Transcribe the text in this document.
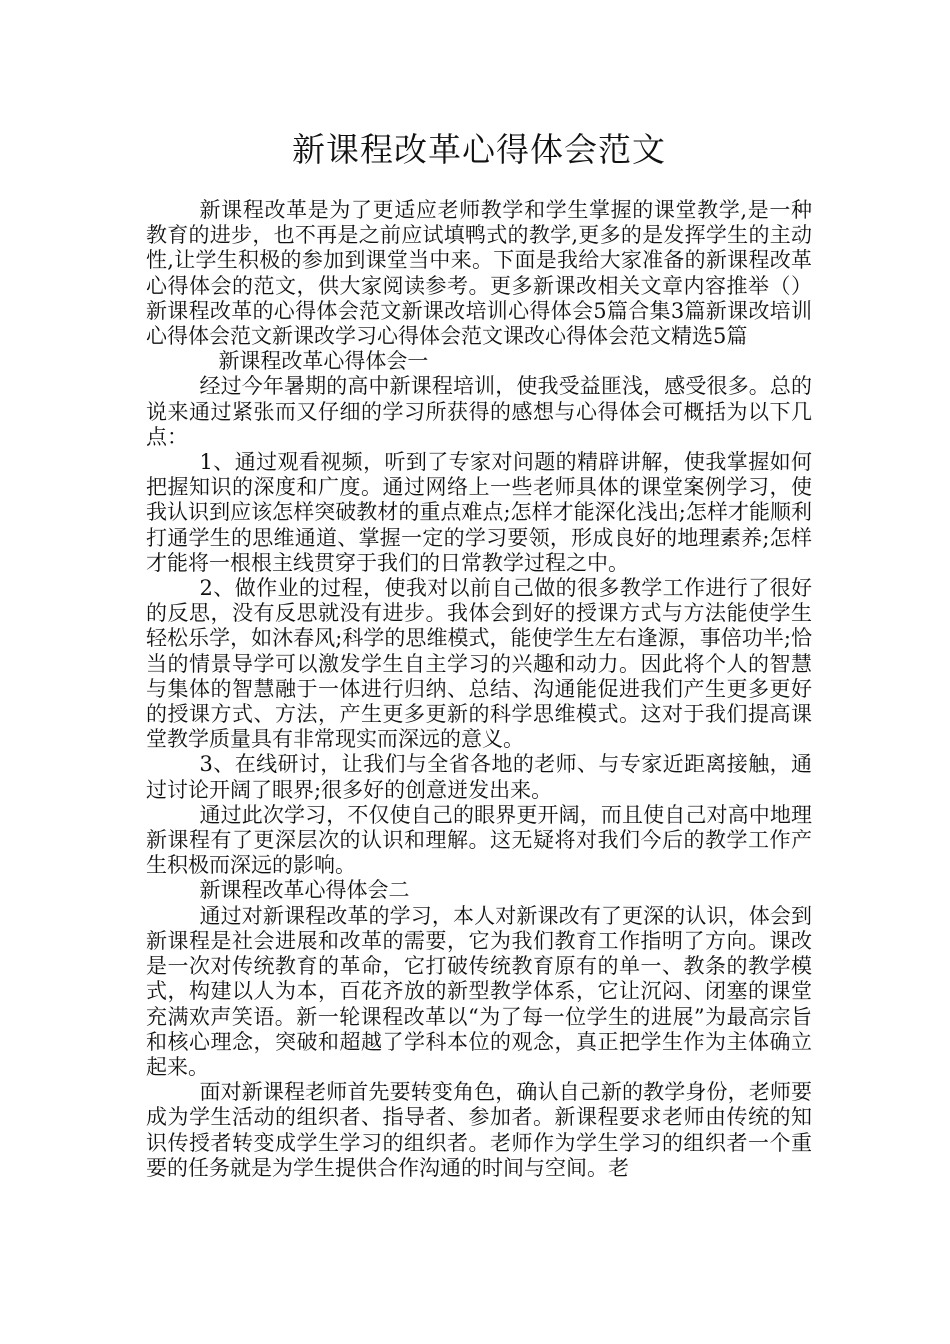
新课程改革心得体会范文

新课程改革是为了更适应老师教学和学生掌握的课堂教学,是一种教育的进步，也不再是之前应试填鸭式的教学,更多的是发挥学生的主动性,让学生积极的参加到课堂当中来。下面是我给大家准备的新课程改革心得体会的范文，供大家阅读参考。更多新课改相关文章内容推举（）新课程改革的心得体会范文新课改培训心得体会5篇合集3篇新课改培训心得体会范文新课改学习心得体会范文课改心得体会范文精选5篇

新课程改革心得体会一

经过今年暑期的高中新课程培训，使我受益匪浅，感受很多。总的说来通过紧张而又仔细的学习所获得的感想与心得体会可概括为以下几点：

1、通过观看视频，听到了专家对问题的精辟讲解，使我掌握如何把握知识的深度和广度。通过网络上一些老师具体的课堂案例学习，使我认识到应该怎样突破教材的重点难点;怎样才能深化浅出;怎样才能顺利打通学生的思维通道、掌握一定的学习要领，形成良好的地理素养;怎样才能将一根根主线贯穿于我们的日常教学过程之中。

2、做作业的过程，使我对以前自己做的很多教学工作进行了很好的反思，没有反思就没有进步。我体会到好的授课方式与方法能使学生轻松乐学，如沐春风;科学的思维模式，能使学生左右逢源，事倍功半;恰当的情景导学可以激发学生自主学习的兴趣和动力。因此将个人的智慧与集体的智慧融于一体进行归纳、总结、沟通能促进我们产生更多更好的授课方式、方法，产生更多更新的科学思维模式。这对于我们提高课堂教学质量具有非常现实而深远的意义。

3、在线研讨，让我们与全省各地的老师、与专家近距离接触，通过讨论开阔了眼界;很多好的创意迸发出来。

通过此次学习，不仅使自己的眼界更开阔，而且使自己对高中地理新课程有了更深层次的认识和理解。这无疑将对我们今后的教学工作产生积极而深远的影响。

新课程改革心得体会二

通过对新课程改革的学习，本人对新课改有了更深的认识，体会到新课程是社会进展和改革的需要，它为我们教育工作指明了方向。课改是一次对传统教育的革命，它打破传统教育原有的单一、教条的教学模式，构建以人为本，百花齐放的新型教学体系，它让沉闷、闭塞的课堂充满欢声笑语。新一轮课程改革以“为了每一位学生的进展”为最高宗旨和核心理念，突破和超越了学科本位的观念，真正把学生作为主体确立起来。

面对新课程老师首先要转变角色，确认自己新的教学身份，老师要成为学生活动的组织者、指导者、参加者。新课程要求老师由传统的知识传授者转变成学生学习的组织者。老师作为学生学习的组织者一个重要的任务就是为学生提供合作沟通的时间与空间。老
